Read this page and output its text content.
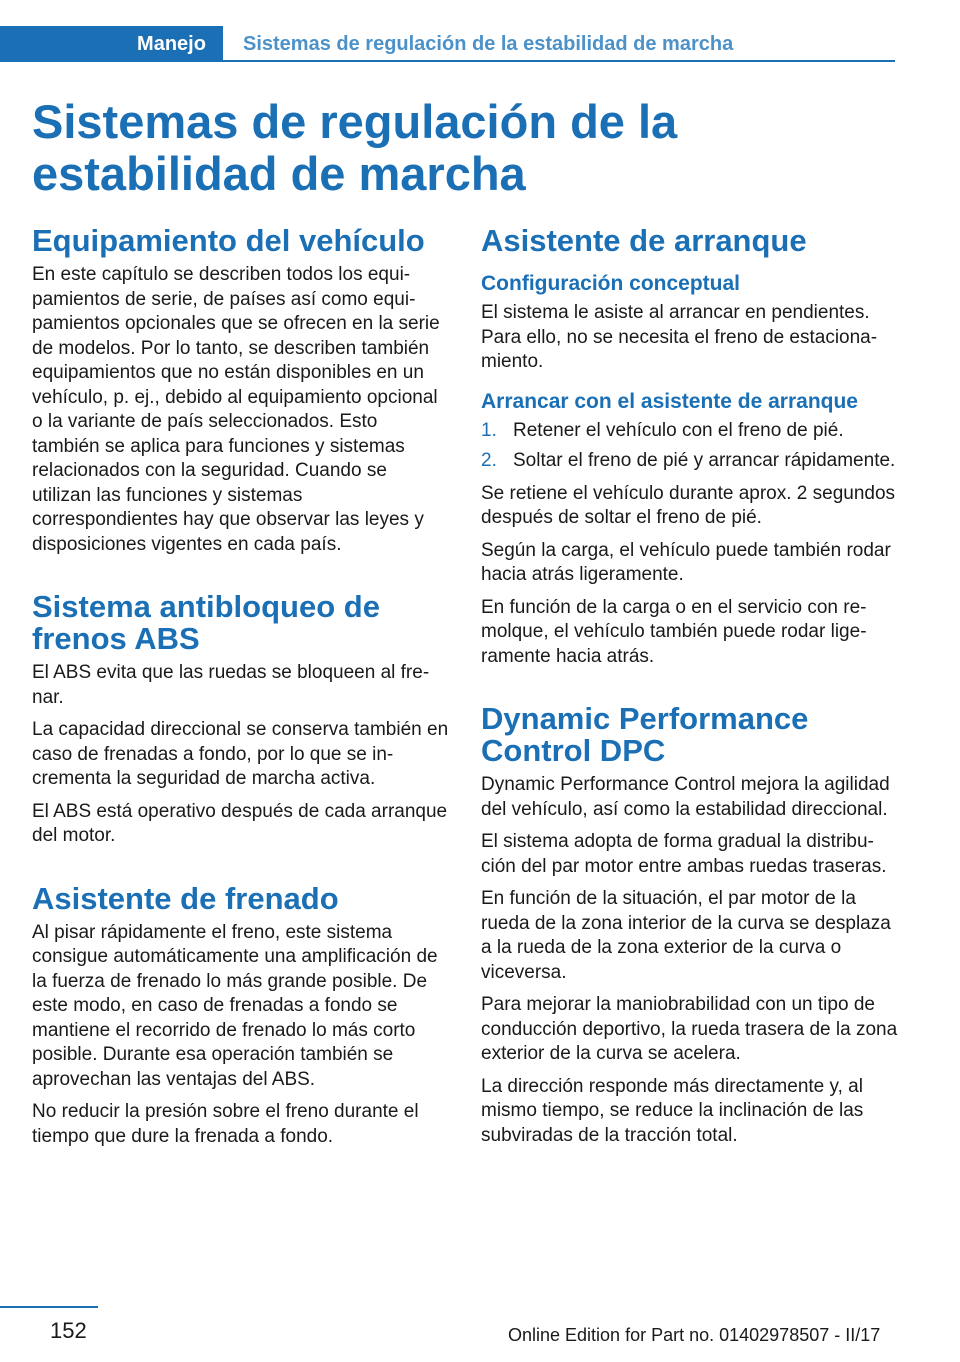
Manejo	Sistemas de regulación de la estabilidad de marcha
Sistemas de regulación de la estabilidad de marcha
Equipamiento del vehículo

En este capítulo se describen todos los equipamientos de serie, de países así como equipamientos opcionales que se ofrecen en la serie de modelos. Por lo tanto, se describen también equipamientos que no están disponibles en un vehículo, p. ej., debido al equipamiento opcional o la variante de país seleccionados. Esto también se aplica para funciones y sistemas relacionados con la seguridad. Cuando se utilizan las funciones y sistemas correspondientes hay que observar las leyes y disposiciones vigentes en cada país.

Sistema antibloqueo de frenos ABS

El ABS evita que las ruedas se bloqueen al frenar.

La capacidad direccional se conserva también en caso de frenadas a fondo, por lo que se incrementa la seguridad de marcha activa.

El ABS está operativo después de cada arranque del motor.

Asistente de frenado

Al pisar rápidamente el freno, este sistema consigue automáticamente una amplificación de la fuerza de frenado lo más grande posible. De este modo, en caso de frenadas a fondo se mantiene el recorrido de frenado lo más corto posible. Durante esa operación también se aprovechan las ventajas del ABS.

No reducir la presión sobre el freno durante el tiempo que dure la frenada a fondo.

Asistente de arranque
Configuración conceptual

El sistema le asiste al arrancar en pendientes. Para ello, no se necesita el freno de estacionamiento.

Arrancar con el asistente de arranque
1. Retener el vehículo con el freno de pié.
2. Soltar el freno de pié y arrancar rápidamente.

Se retiene el vehículo durante aprox. 2 segundos después de soltar el freno de pié.

Según la carga, el vehículo puede también rodar hacia atrás ligeramente.

En función de la carga o en el servicio con remolque, el vehículo también puede rodar ligeramente hacia atrás.

Dynamic Performance Control DPC

Dynamic Performance Control mejora la agilidad del vehículo, así como la estabilidad direccional.

El sistema adopta de forma gradual la distribución del par motor entre ambas ruedas traseras.

En función de la situación, el par motor de la rueda de la zona interior de la curva se desplaza a la rueda de la zona exterior de la curva o viceversa.

Para mejorar la maniobrabilidad con un tipo de conducción deportivo, la rueda trasera de la zona exterior de la curva se acelera.

La dirección responde más directamente y, al mismo tiempo, se reduce la inclinación de las subviradas de la tracción total.

152	Online Edition for Part no. 01402978507 - II/17
